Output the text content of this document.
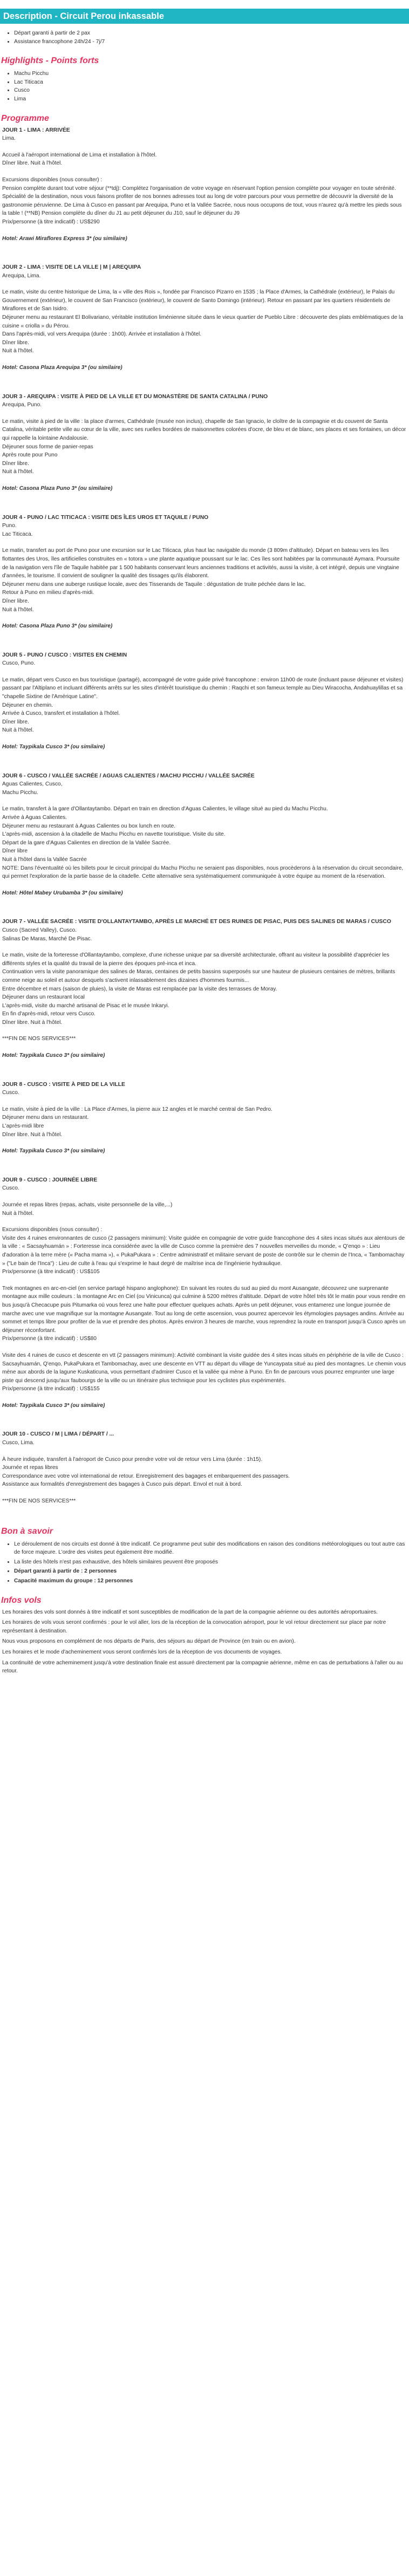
Description - Circuit Perou inkassable
• Départ garanti à partir de 2 pax
• Assistance francophone 24h/24 - 7j/7
Highlights - Points forts
• Machu Picchu
• Lac Titicaca
• Cusco
• Lima
Programme
JOUR 1 - LIMA : ARRIVÉE
Lima.
Accueil à l'aéroport international de Lima et installation à l'hôtel.
Dîner libre. Nuit à l'hôtel.
Excursions disponibles (nous consulter) :
Pension complète durant tout votre séjour (**tdj): Complétez l'organisation de votre voyage en réservant l'option pension complète pour voyager en toute sérénité. Spécialité de la destination, nous vous faisons profiter de nos bonnes adresses tout au long de votre parcours pour vous permettre de découvrir la diversité de la gastronomie péruvienne. De Lima à Cusco en passant par Arequipa, Puno et la Vallée Sacrée, nous nous occupons de tout, vous n'aurez qu'à mettre les pieds sous la table ! (**NB) Pension complète du dîner du J1 au petit déjeuner du J10, sauf le déjeuner du J9
Prix/personne (à titre indicatif) : US$290
Hotel: Arawi Miraflores Express 3* (ou similaire)
JOUR 2 - LIMA : VISITE DE LA VILLE | M | AREQUIPA
Arequipa, Lima.
Le matin, visite du centre historique de Lima, la « ville des Rois », fondée par Francisco Pizarro en 1535 ; la Place d'Armes, la Cathédrale (extérieur), le Palais du Gouvernement (extérieur), le couvent de San Francisco (extérieur), le couvent de Santo Domingo (intérieur). Retour en passant par les quartiers résidentiels de Miraflores et de San Isidro.
Déjeuner menu au restaurant El Bolivariano, véritable institution liménienne située dans le vieux quartier de Pueblo Libre : découverte des plats emblématiques de la cuisine « criolla » du Pérou.
Dans l'après-midi, vol vers Arequipa (durée : 1h00). Arrivée et installation à l'hôtel.
Dîner libre.
Nuit à l'hôtel.
Hotel: Casona Plaza Arequipa 3* (ou similaire)
JOUR 3 - AREQUIPA : VISITE À PIED DE LA VILLE ET DU MONASTÈRE DE SANTA CATALINA / PUNO
Arequipa, Puno.
Le matin, visite à pied de la ville : la place d'armes, Cathédrale (musée non inclus), chapelle de San Ignacio, le cloître de la compagnie et du couvent de Santa Catalina, véritable petite ville au cœur de la ville, avec ses ruelles bordées de maisonnettes colorées d'ocre, de bleu et de blanc, ses places et ses fontaines, un décor qui rappelle la lointaine Andalousie.
Déjeuner sous forme de panier-repas
Après route pour Puno
Dîner libre.
Nuit à l'hôtel.
Hotel: Casona Plaza Puno 3* (ou similaire)
JOUR 4 - PUNO / LAC TITICACA : VISITE DES ÎLES UROS ET TAQUILE / PUNO
Puno.
Lac Titicaca.
Le matin, transfert au port de Puno pour une excursion sur le Lac Titicaca, plus haut lac navigable du monde (3 809m d'altitude). Départ en bateau vers les îles flottantes des Uros, îles artificielles construites en « totora » une plante aquatique poussant sur le lac. Ces îles sont habitées par la communauté Aymara. Poursuite de la navigation vers l'île de Taquile habitée par 1 500 habitants conservant leurs anciennes traditions et activités, aussi la visite, à cet intégré, depuis une vingtaine d'années, le tourisme. Il convient de souligner la qualité des tissages qu'ils élaborent.
Déjeuner menu dans une auberge rustique locale, avec des Tisserands de Taquile : dégustation de truite péchée dans le lac.
Retour à Puno en milieu d'après-midi.
Dîner libre.
Nuit à l'hôtel.
Hotel: Casona Plaza Puno 3* (ou similaire)
JOUR 5 - PUNO / CUSCO : VISITES EN CHEMIN
Cusco, Puno.
Le matin, départ vers Cusco en bus touristique (partagé), accompagné de votre guide privé francophone : environ 11h00 de route (incluant pause déjeuner et visites) passant par l'Altiplano et incluant différents arrêts sur les sites d'intérêt touristique du chemin : Raqchi et son fameux temple au Dieu Wiracocha, Andahuaylillas et sa "chapelle Sixtine de l'Amérique Latine".
Déjeuner en chemin.
Arrivée à Cusco, transfert et installation à l'hôtel.
Dîner libre.
Nuit à l'hôtel.
Hotel: Taypikala Cusco 3* (ou similaire)
JOUR 6 - CUSCO / VALLÉE SACRÉE / AGUAS CALIENTES / MACHU PICCHU / VALLÉE SACRÉE
Aguas Calientes, Cusco,
Machu Picchu.
Le matin, transfert à la gare d'Ollantaytambo. Départ en train en direction d'Aguas Calientes, le village situé au pied du Machu Picchu.
Arrivée à Aguas Calientes.
Déjeuner menu au restaurant à Aguas Calientes ou box lunch en route.
L'après-midi, ascension à la citadelle de Machu Picchu en navette touristique. Visite du site.
Départ de la gare d'Aguas Calientes en direction de la Vallée Sacrée.
Dîner libre
Nuit à l'hôtel dans la Vallée Sacrée
NOTE: Dans l'éventualité où les billets pour le circuit principal du Machu Picchu ne seraient pas disponibles, nous procèderons à la réservation du circuit secondaire, qui permet l'exploration de la partie basse de la citadelle. Cette alternative sera systématiquement communiquée à votre équipe au moment de la réservation.
Hotel: Hôtel Mabey Urubamba 3* (ou similaire)
JOUR 7 - VALLÉE SACRÉE : VISITE D'OLLANTAYTAMBO, APRÈS LE MARCHÉ ET DES RUINES DE PISAC, PUIS DES SALINES DE MARAS / CUSCO
Cusco (Sacred Valley), Cusco.
Salinas De Maras, Marché De Pisac.
Le matin, visite de la forteresse d'Ollantaytambo, complexe, d'une richesse unique par sa diversité architecturale, offrant au visiteur la possibilité d'apprécier les différents styles et la qualité du travail de la pierre des époques pré-inca et inca.
Continuation vers la visite panoramique des salines de Maras, centaines de petits bassins superposés sur une hauteur de plusieurs centaines de mètres, brillants comme neige au soleil et autour desquels s'activent inlassablement des dizaines d'hommes fourmis...
Entre décembre et mars (saison de pluies), la visite de Maras est remplacée par la visite des terrasses de Moray.
Déjeuner dans un restaurant local
L'après-midi, visite du marché artisanal de Pisac et le musée Inkaryi.
En fin d'après-midi, retour vers Cusco.
Dîner libre. Nuit à l'hôtel.
***FIN DE NOS SERVICES***
Hotel: Taypikala Cusco 3* (ou similaire)
JOUR 8 - CUSCO : VISITE À PIED DE LA VILLE
Cusco.
Le matin, visite à pied de la ville : La Place d'Armes, la pierre aux 12 angles et le marché central de San Pedro.
Déjeuner menu dans un restaurant.
L'après-midi libre
Dîner libre. Nuit à l'hôtel.
Hotel: Taypikala Cusco 3* (ou similaire)
JOUR 9 - CUSCO : JOURNÉE LIBRE
Cusco.
Journée et repas libres (repas, achats, visite personnelle de la ville,...)
Nuit à l'hôtel.
Excursions disponibles (nous consulter) :
Visite des 4 ruines environnantes de cusco (2 passagers minimum): Visite guidée en compagnie de votre guide francophone des 4 sites incas situés aux alentours de la ville : « Sacsayhuamán » : Forteresse inca considérée avec la ville de Cusco comme la première des 7 nouvelles merveilles du monde, « Q'enqo » : Lieu d'adoration à la terre mère (« Pacha mama »), « PukaPukara » : Centre administratif et militaire servant de poste de contrôle sur le chemin de l'Inca, « Tambomachay » ("Le bain de l'Inca") : Lieu de culte à l'eau qui s'exprime le haut degré de maîtrise inca de l'ingénierie hydraulique.
Prix/personne (à titre indicatif) : US$105
Trek montagnes en arc-en-ciel (en service partagé hispano anglophone): En suivant les routes du sud au pied du mont Ausangate, découvrez une surprenante montagne aux mille couleurs : la montagne Arc en Ciel (ou Vinicunca) qui culmine à 5200 mètres d'altitude. Départ de votre hôtel très tôt le matin pour vous rendre en bus jusqu'à Checacupe puis Pitumarka où vous ferez une halte pour effectuer quelques achats. Après un petit déjeuner, vous entamerez une longue journée de marche avec une vue magnifique sur la montagne Ausangate. Tout au long de cette ascension, vous pourrez apercevoir les étymologies paysages andins. Arrivée au sommet et temps libre pour profiter de la vue et prendre des photos. Après environ 3 heures de marche, vous reprendrez la route en transport jusqu'à Cusco après un déjeuner réconfortant.
Prix/personne (à titre indicatif) : US$80
Visite des 4 ruines de cusco et descente en vtt (2 passagers minimum): Activité combinant la visite guidée des 4 sites incas situés en périphérie de la ville de Cusco : Sacsayhuamán, Q'enqo, PukaPukara et Tambomachay, avec une descente en VTT au départ du village de Yuncaypata situé au pied des montagnes. Le chemin vous mène aux abords de la lagune Kuskaticuna, vous permettant d'admirer Cusco et la vallée qui mène à Puno. En fin de parcours vous pourrez emprunter une large piste qui descend jusqu'aux faubourgs de la ville ou un itinéraire plus technique pour les cyclistes plus expérimentés.
Prix/personne (à titre indicatif) : US$155
Hotel: Taypikala Cusco 3* (ou similaire)
JOUR 10 - CUSCO / M | LIMA / DÉPART / ...
Cusco, Lima.
À heure indiquée, transfert à l'aéroport de Cusco pour prendre votre vol de retour vers Lima (durée : 1h15).
Journée et repas libres
Correspondance avec votre vol international de retour. Enregistrement des bagages et embarquement des passagers.
Assistance aux formalités d'enregistrement des bagages à Cusco puis départ. Envol et nuit à bord.
***FIN DE NOS SERVICES***
Bon à savoir
• Le déroulement de nos circuits est donné à titre indicatif. Ce programme peut subir des modifications en raison des conditions météorologiques ou tout autre cas de force majeure. L'ordre des visites peut également être modifié.
• La liste des hôtels n'est pas exhaustive, des hôtels similaires peuvent être proposés
• Départ garanti à partir de : 2 personnes
• Capacité maximum du groupe : 12 personnes
Infos vols

Les horaires des vols sont donnés à titre indicatif et sont susceptibles de modification de la part de la compagnie aérienne ou des autorités aéroportuaires.

Les horaires de vols vous seront confirmés : pour le vol aller, lors de la réception de la convocation aéroport, pour le vol retour directement sur place par notre représentant à destination.

Nous vous proposons en complément de nos départs de Paris, des séjours au départ de Province (en train ou en avion).

Les horaires et le mode d'acheminement vous seront confirmés lors de la réception de vos documents de voyages.

La continuité de votre acheminement jusqu'à votre destination finale est assuré directement par la compagnie aérienne, même en cas de perturbations à l'aller ou au retour.
